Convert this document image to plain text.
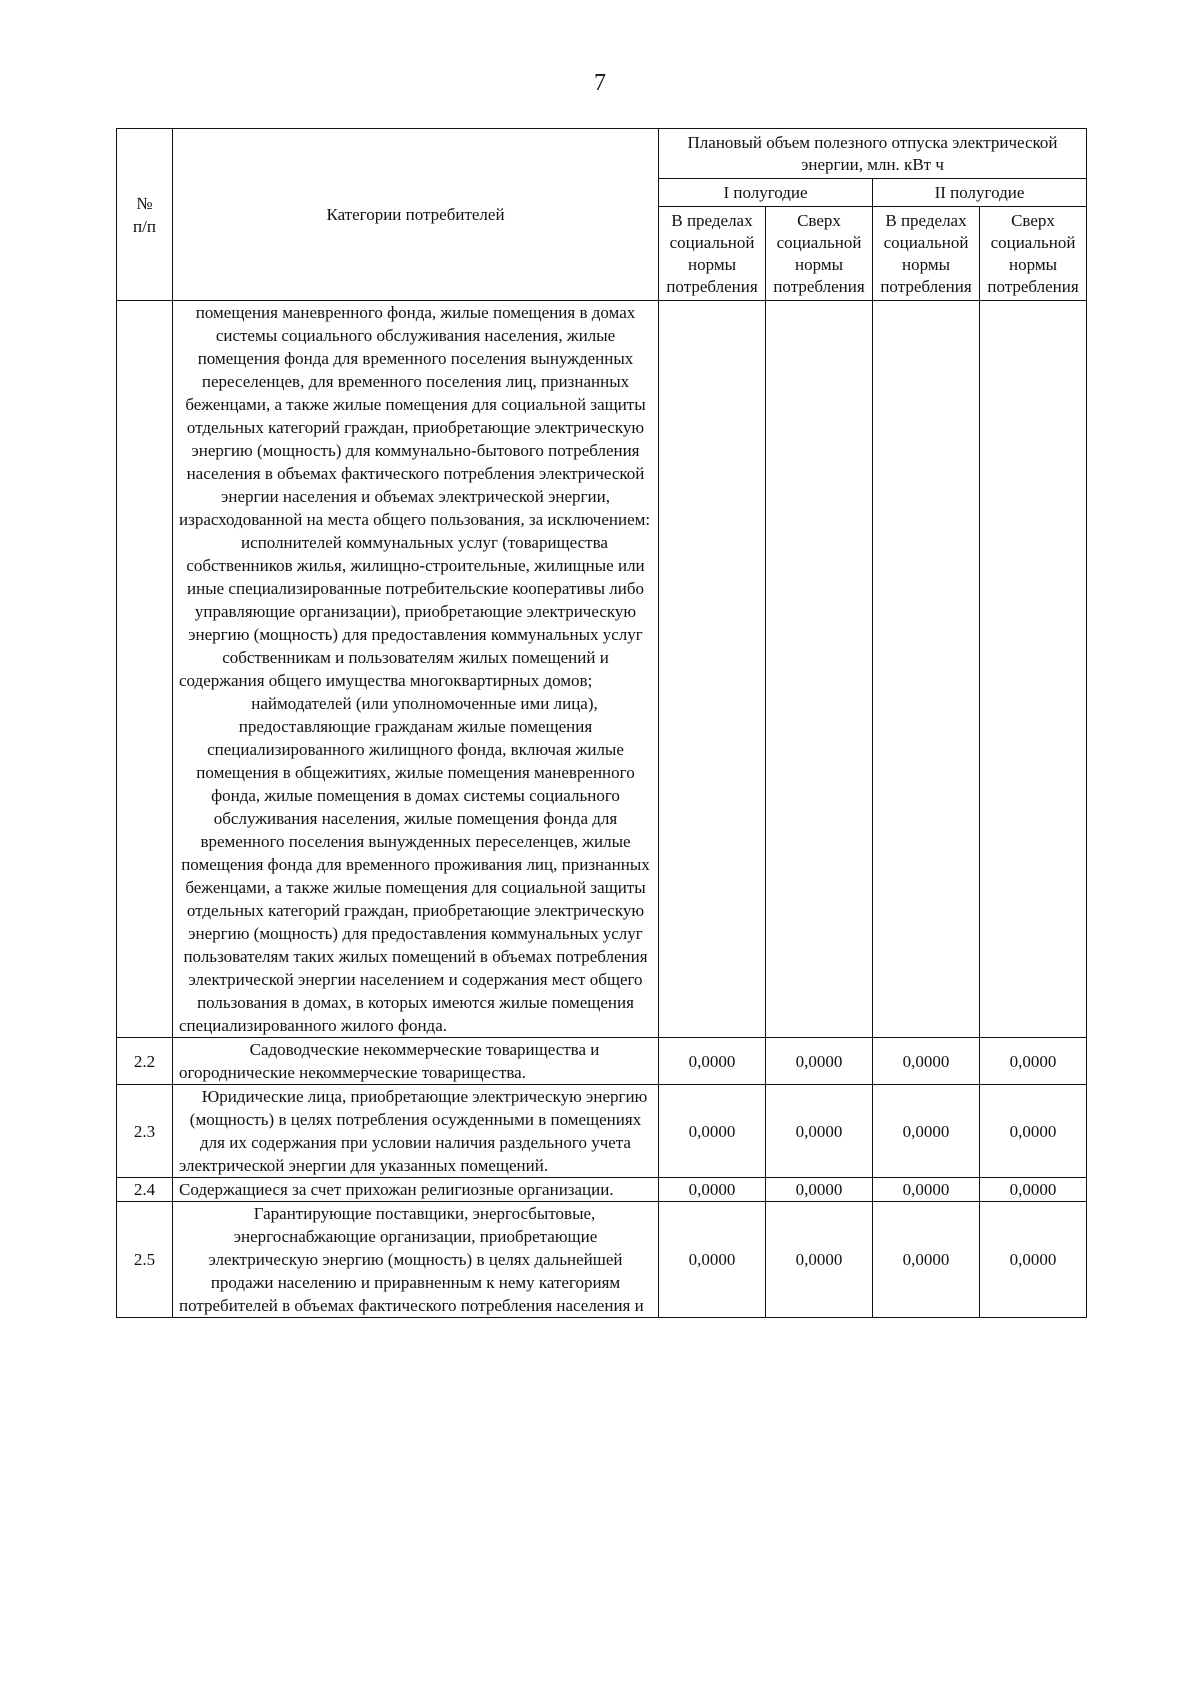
7
№
п/п	Категории потребителей	Плановый объем полезного отпуска электрической энергии, млн. кВт ч			
		I полугодие		II полугодие	
		В пределах социальной нормы потребления	Сверх социальной нормы потребления	В пределах социальной нормы потребления	Сверх социальной нормы потребления

	помещения маневренного фонда, жилые помещения в домах системы социального обслуживания населения, жилые помещения фонда для временного поселения вынужденных переселенцев, для временного поселения лиц, признанных беженцами, а также жилые помещения для социальной защиты отдельных категорий граждан, приобретающие электрическую энергию (мощность) для коммунально-бытового потребления населения в объемах фактического потребления электрической энергии населения и объемах электрической энергии, израсходованной на места общего пользования, за исключением:

исполнителей коммунальных услуг (товарищества собственников жилья, жилищно-строительные, жилищные или иные специализированные потребительские кооперативы либо управляющие организации), приобретающие электрическую энергию (мощность) для предоставления коммунальных услуг собственникам и пользователям жилых помещений и содержания общего имущества многоквартирных домов;

наймодателей (или уполномоченные ими лица), предоставляющие гражданам жилые помещения специализированного жилищного фонда, включая жилые помещения в общежитиях, жилые помещения маневренного фонда, жилые помещения в домах системы социального обслуживания населения, жилые помещения фонда для временного поселения вынужденных переселенцев, жилые помещения фонда для временного проживания лиц, признанных беженцами, а также жилые помещения для социальной защиты отдельных категорий граждан, приобретающие электрическую энергию (мощность) для предоставления коммунальных услуг пользователям таких жилых помещений в объемах потребления электрической энергии населением и содержания мест общего пользования в домах, в которых имеются жилые помещения специализированного жилого фонда.				

2.2	Садоводческие некоммерческие товарищества и огороднические некоммерческие товарищества.	0,0000	0,0000	0,0000	0,0000
2.3	Юридические лица, приобретающие электрическую энергию (мощность) в целях потребления осужденными в помещениях для их содержания при условии наличия раздельного учета электрической энергии для указанных помещений.	0,0000	0,0000	0,0000	0,0000
2.4	Содержащиеся за счет прихожан религиозные организации.	0,0000	0,0000	0,0000	0,0000
2.5	Гарантирующие поставщики, энергосбытовые, энергоснабжающие организации, приобретающие электрическую энергию (мощность) в целях дальнейшей продажи населению и приравненным к нему категориям потребителей в объемах фактического потребления населения и	0,0000	0,0000	0,0000	0,0000
